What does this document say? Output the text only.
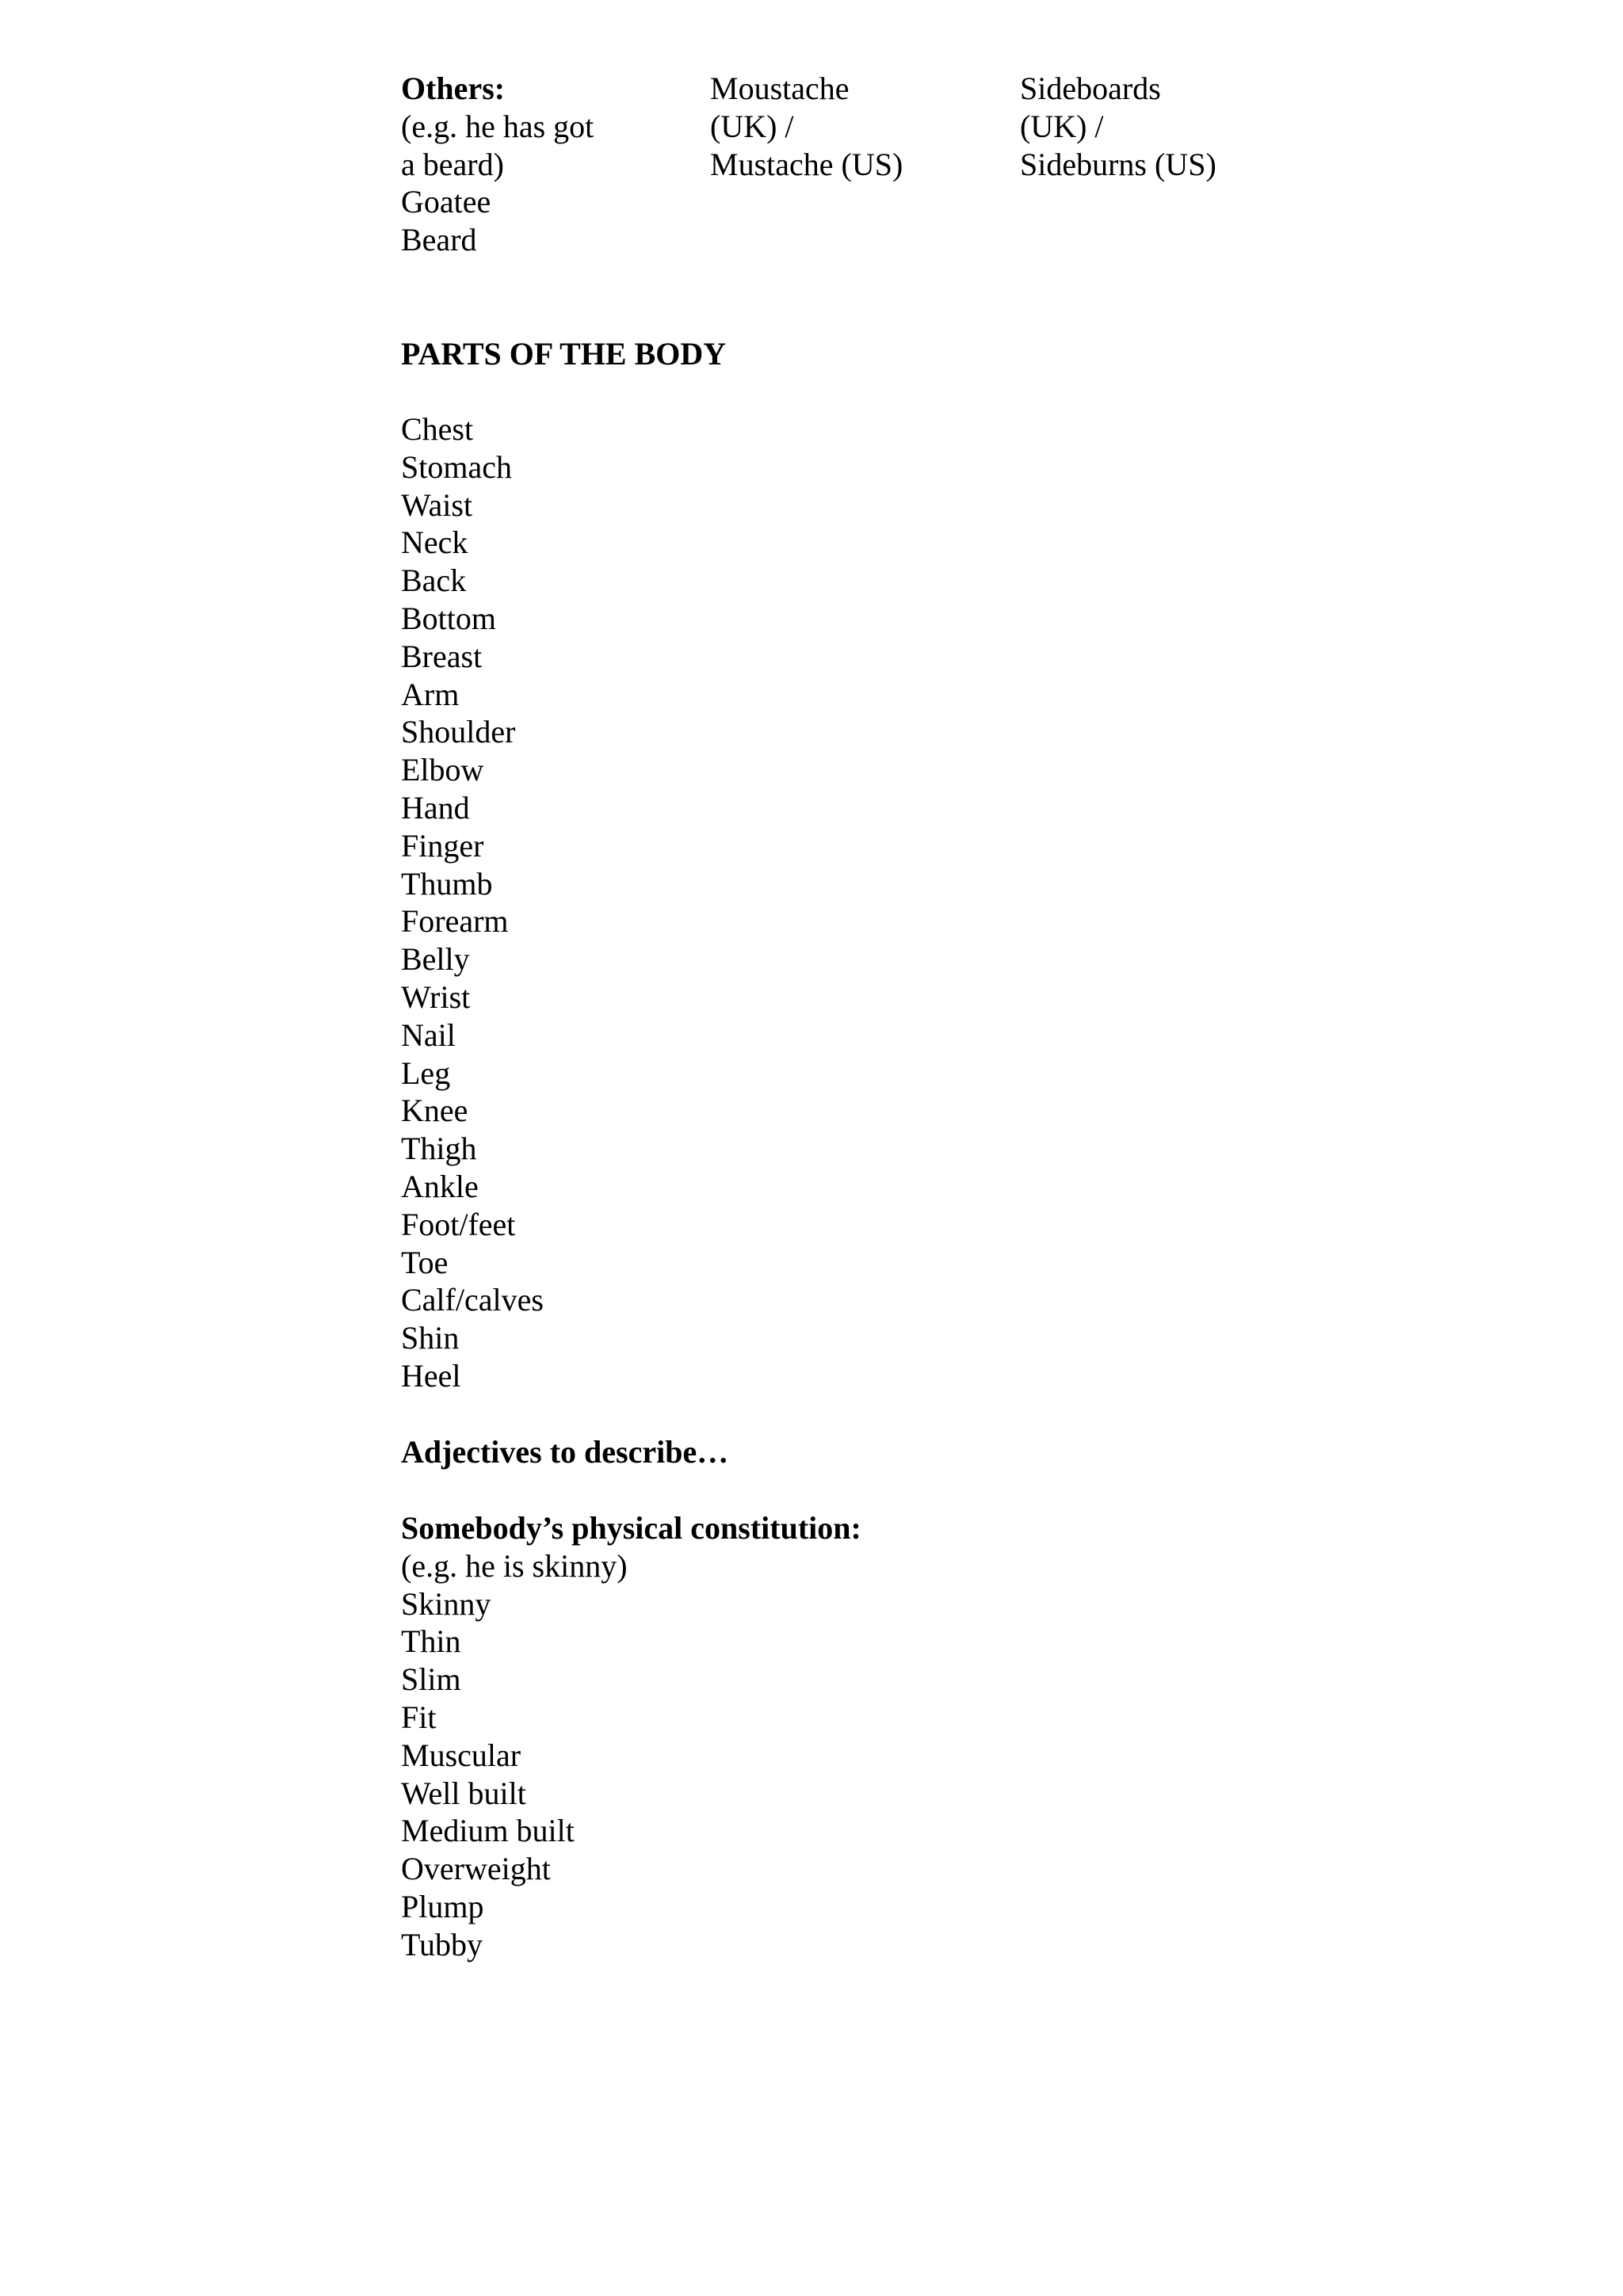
Others:

(e.g. he has got

a beard)

Goatee

Beard

Moustache

(UK) /

Mustache (US)

Sideboards

(UK) /

Sideburns (US)

PARTS OF THE BODY

Chest

Stomach

Waist

Neck

Back

Bottom

Breast

Arm

Shoulder

Elbow

Hand

Finger

Thumb

Forearm

Belly

Wrist

Nail

Leg

Knee

Thigh

Ankle

Foot/feet

Toe

Calf/calves

Shin

Heel

Adjectives to describe…

Somebody’s physical constitution:

(e.g. he is skinny)

Skinny

Thin

Slim

Fit

Muscular

Well built

Medium built

Overweight

Plump

Tubby
